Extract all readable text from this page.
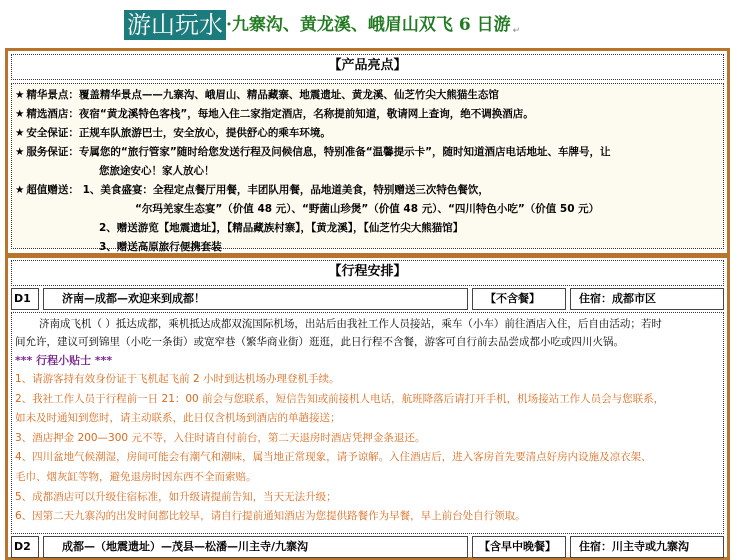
游山玩水 ·九寨沟、黄龙溪、峨眉山双飞 6 日游 ↵
【产品亮点】
★ 精华景点：覆盖精华景点——九寨沟、峨眉山、精品藏寨、地震遗址、黄龙溪、仙芝竹尖大熊猫生态馆
★ 精选酒店：夜宿“黄龙溪特色客栈”，每地入住二家指定酒店，名称提前知道，敬请网上查询，绝不调换酒店。
★ 安全保证：正规车队旅游巴士，安全放心，提供舒心的乘车环境。
★ 服务保证：专属您的“旅行管家”随时给您发送行程及问候信息，特别准备“温馨提示卡”，随时知道酒店电话地址、车牌号，让
您旅途安心！家人放心！
★ 超值赠送： 1、美食盛宴：全程定点餐厅用餐，丰团队用餐，品地道美食，特别赠送三次特色餐饮，
“尔玛羌家生态宴”（价值 48 元）、“野菌山珍煲”（价值 48 元）、“四川特色小吃”（价值 50 元）
2、赠送游览【地震遗址】，【精品藏族村寨】，【黄龙溪】，【仙芝竹尖大熊猫馆】
3、赠送高原旅行便携套装
【行程安排】
D1	济南—成都—欢迎来到成都！	【不含餐】	住宿：成都市区
济南成飞机（ ）抵达成都，乘机抵达成都双流国际机场，出站后由我社工作人员接站，乘车（小车）前往酒店入住，后自由活动；若时
间允许，建议可到锦里（小吃一条街）或宽窄巷（繁华商业街）逛逛，此日行程不含餐，游客可自行前去品尝成都小吃或四川火锅。
*** 行程小贴士 ***
1、请游客持有效身份证于飞机起飞前 2 小时到达机场办理登机手续。
2、我社工作人员于行程前一日 21：00 前会与您联系，短信告知或前接机人电话，航班降落后请打开手机，机场接站工作人员会与您联系，
如未及时通知到您时，请主动联系，此日仅含机场到酒店的单趟接送；
3、酒店押金 200—300 元不等，入住时请自付前台，第二天退房时酒店凭押金条退还。
4、四川盆地气候潮湿，房间可能会有潮气和潮味，属当地正常现象，请予谅解。入住酒店后，进入客房首先要清点好房内设施及凉衣架、
毛巾、烟灰缸等物，避免退房时因东西不全而索赔。
5、成都酒店可以升级住宿标准，如升级请提前告知，当天无法升级；
6、因第二天九寨沟的出发时间都比较早，请自行提前通知酒店为您提供路餐作为早餐，早上前台处自行领取。
D2	成都—（地震遗址）—茂县—松潘—川主寺/九寨沟	【含早中晚餐】	住宿：川主寺或九寨沟
